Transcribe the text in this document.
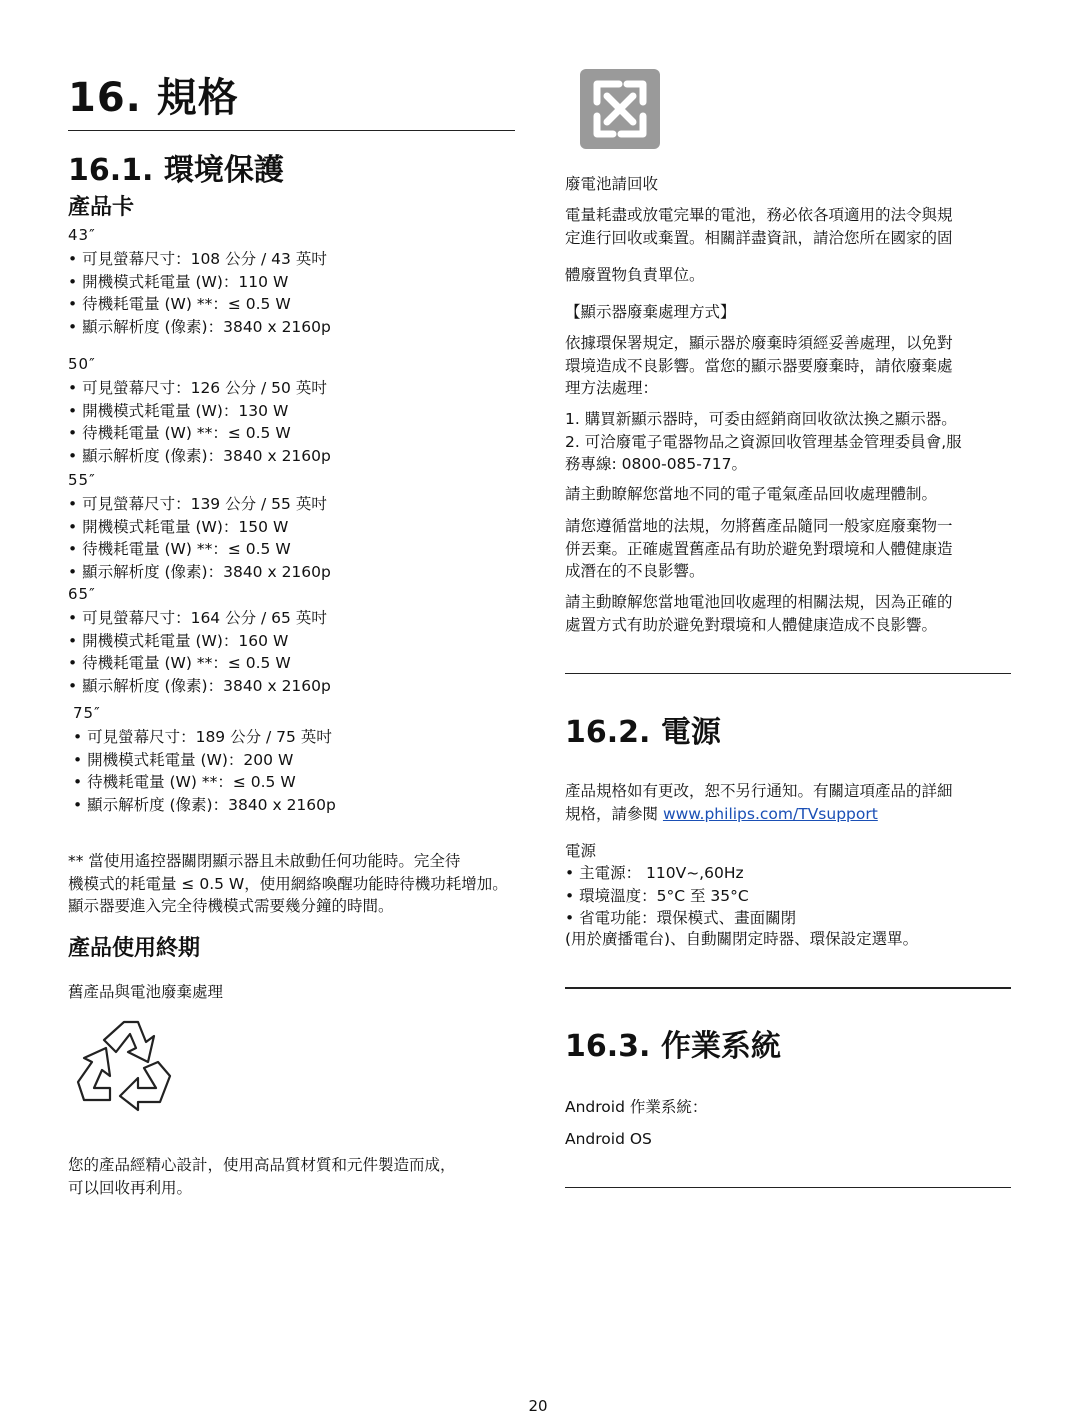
16. 規格
16.1. 環境保護
產品卡
43″
• 可見螢幕尺寸：108 公分 / 43 英吋
• 開機模式耗電量 (W)：110 W
• 待機耗電量 (W) **：≤ 0.5 W
• 顯示解析度 (像素)：3840 x 2160p
50″
• 可見螢幕尺寸：126 公分 / 50 英吋
• 開機模式耗電量 (W)：130 W
• 待機耗電量 (W) **：≤ 0.5 W
• 顯示解析度 (像素)：3840 x 2160p
55″
• 可見螢幕尺寸：139 公分 / 55 英吋
• 開機模式耗電量 (W)：150 W
• 待機耗電量 (W) **：≤ 0.5 W
• 顯示解析度 (像素)：3840 x 2160p
65″
• 可見螢幕尺寸：164 公分 / 65 英吋
• 開機模式耗電量 (W)：160 W
• 待機耗電量 (W) **：≤ 0.5 W
• 顯示解析度 (像素)：3840 x 2160p
75″
• 可見螢幕尺寸：189 公分 / 75 英吋
• 開機模式耗電量 (W)：200 W
• 待機耗電量 (W) **：≤ 0.5 W
• 顯示解析度 (像素)：3840 x 2160p
** 當使用遙控器關閉顯示器且未啟動任何功能時。完全待
機模式的耗電量 ≤ 0.5 W，使用網絡喚醒功能時待機功耗增加。
顯示器要進入完全待機模式需要幾分鐘的時間。
產品使用終期
舊產品與電池廢棄處理
您的產品經精心設計，使用高品質材質和元件製造而成，
可以回收再利用。
廢電池請回收
電量耗盡或放電完畢的電池，務必依各項適用的法令與規
定進行回收或棄置。相關詳盡資訊，請洽您所在國家的固
體廢置物負責單位。
【顯示器廢棄處理方式】
依據環保署規定，顯示器於廢棄時須經妥善處理，以免對
環境造成不良影響。當您的顯示器要廢棄時，請依廢棄處
理方法處理：
1. 購買新顯示器時，可委由經銷商回收欲汰換之顯示器。
2. 可洽廢電子電器物品之資源回收管理基金管理委員會,服
務專線: 0800-085-717。
請主動瞭解您當地不同的電子電氣產品回收處理體制。
請您遵循當地的法規，勿將舊產品隨同一般家庭廢棄物一
併丟棄。正確處置舊產品有助於避免對環境和人體健康造
成潛在的不良影響。
請主動瞭解您當地電池回收處理的相關法規，因為正確的
處置方式有助於避免對環境和人體健康造成不良影響。
16.2. 電源
產品規格如有更改，恕不另行通知。有關這項產品的詳細
規格，請參閱 www.philips.com/TVsupport
電源
• 主電源： 110V~,60Hz
• 環境溫度：5°C 至 35°C
• 省電功能：環保模式、畫面關閉
(用於廣播電台)、自動關閉定時器、環保設定選單。
16.3. 作業系統
Android 作業系統：
Android OS
20
